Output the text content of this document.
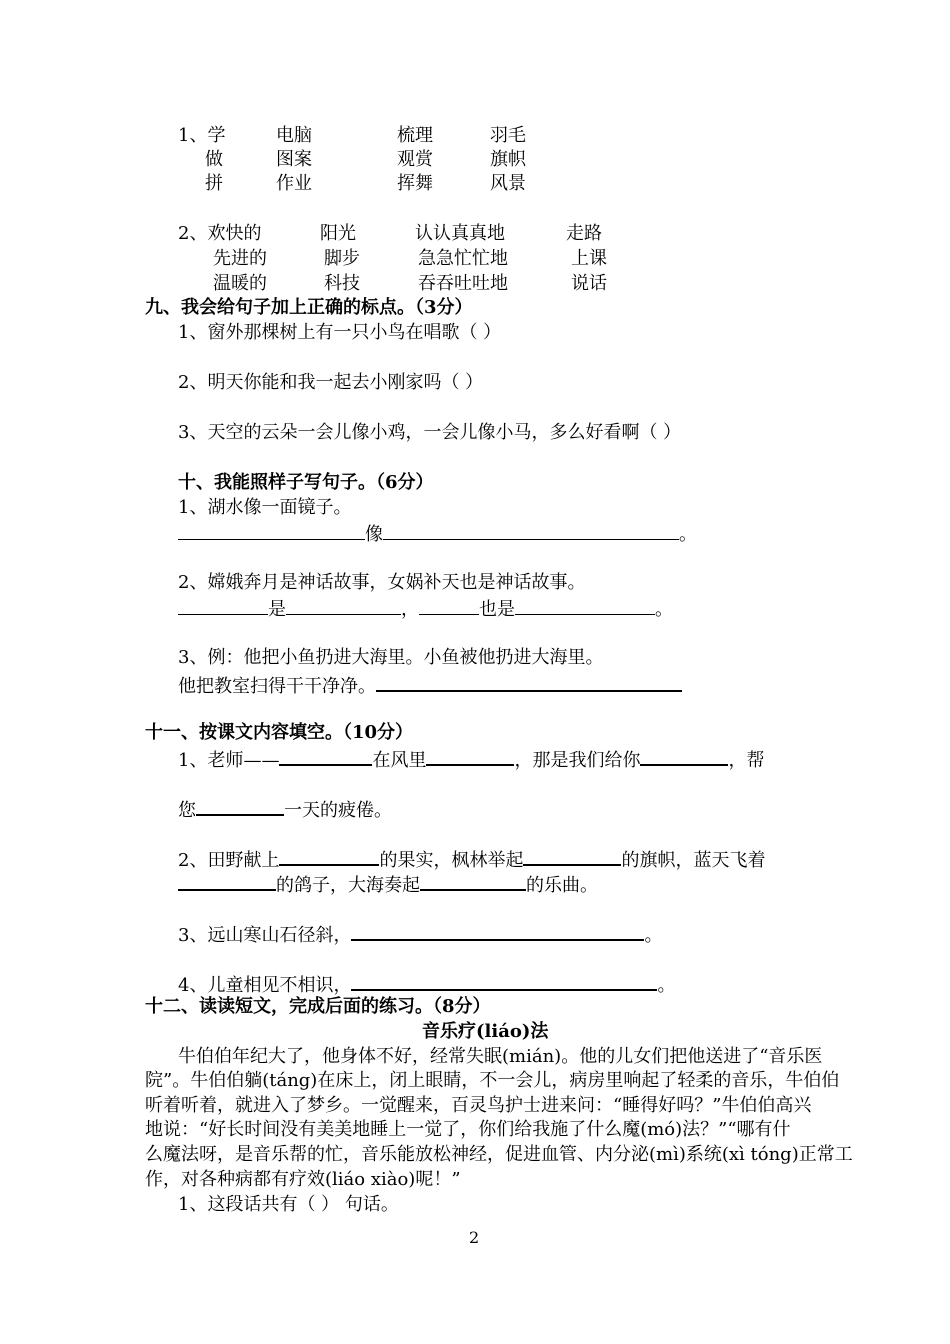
1、学	电脑	梳理	羽毛
做	图案	观赏	旗帜
拼	作业	挥舞	风景
2、欢快的	阳光	认认真真地	走路
先进的	脚步	急急忙忙地	上课
温暖的	科技	吞吞吐吐地	说话
九、我会给句子加上正确的标点。（3分）
1、窗外那棵树上有一只小鸟在唱歌（ ）
2、明天你能和我一起去小刚家吗（ ）
3、天空的云朵一会儿像小鸡，一会儿像小马，多么好看啊（ ）
十、我能照样子写句子。（6分）
1、湖水像一面镜子。
像	。
2、嫦娥奔月是神话故事，女娲补天也是神话故事。
是	，	也是	。
3、例：他把小鱼扔进大海里。小鱼被他扔进大海里。
他把教室扫得干干净净。
十一、按课文内容填空。（10分）
1、老师——	在风里	，那是我们给你	，帮
您	一天的疲倦。
2、田野献上	的果实，枫林举起	的旗帜，蓝天飞着
的鸽子，大海奏起	的乐曲。
3、远山寒山石径斜，	。
4、儿童相见不相识，	。
十二、读读短文，完成后面的练习。（8分）
音乐疗(liáo)法
牛伯伯年纪大了，他身体不好，经常失眠(mián)。他的儿女们把他送进了“音乐医
院”。牛伯伯躺(táng)在床上，闭上眼睛，不一会儿，病房里响起了轻柔的音乐，牛伯伯
听着听着，就进入了梦乡。一觉醒来，百灵鸟护士进来问：“睡得好吗？”牛伯伯高兴
地说：“好长时间没有美美地睡上一觉了，你们给我施了什么魔(mó)法？”“哪有什
么魔法呀，是音乐帮的忙，音乐能放松神经，促进血管、内分泌(mì)系统(xì tóng)正常工
作，对各种病都有疗效(liáo xiào)呢！”
1、这段话共有（ ） 句话。
2
